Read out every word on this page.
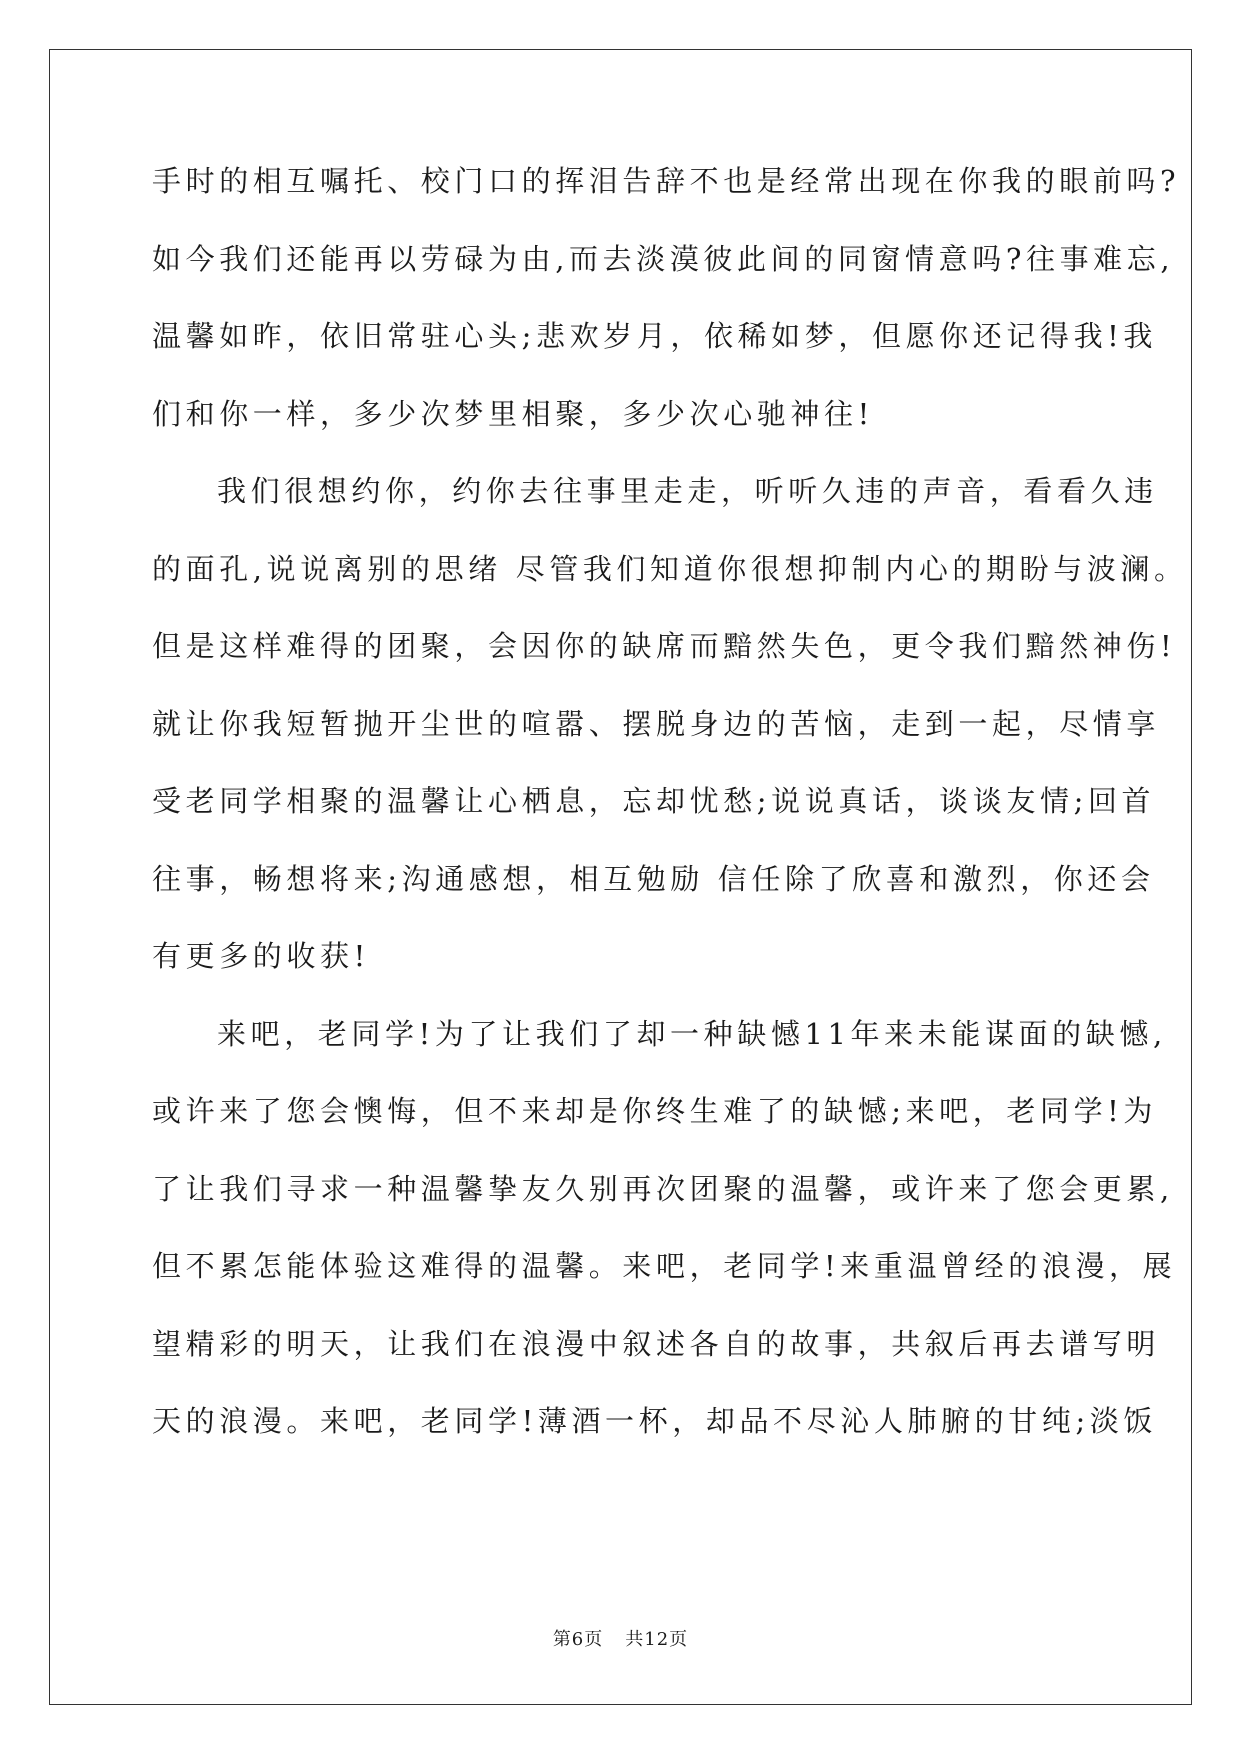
手时的相互嘱托、校门口的挥泪告辞不也是经常出现在你我的眼前吗?
如今我们还能再以劳碌为由,而去淡漠彼此间的同窗情意吗?往事难忘,
温馨如昨，依旧常驻心头;悲欢岁月，依稀如梦，但愿你还记得我!我
们和你一样，多少次梦里相聚，多少次心驰神往!
我们很想约你，约你去往事里走走，听听久违的声音，看看久违
的面孔,说说离别的思绪 尽管我们知道你很想抑制内心的期盼与波澜。
但是这样难得的团聚，会因你的缺席而黯然失色，更令我们黯然神伤!
就让你我短暂抛开尘世的喧嚣、摆脱身边的苦恼，走到一起，尽情享
受老同学相聚的温馨让心栖息，忘却忧愁;说说真话，谈谈友情;回首
往事，畅想将来;沟通感想，相互勉励 信任除了欣喜和激烈，你还会
有更多的收获!
来吧，老同学!为了让我们了却一种缺憾11年来未能谋面的缺憾,
或许来了您会懊悔，但不来却是你终生难了的缺憾;来吧，老同学!为
了让我们寻求一种温馨挚友久别再次团聚的温馨，或许来了您会更累,
但不累怎能体验这难得的温馨。来吧，老同学!来重温曾经的浪漫，展
望精彩的明天，让我们在浪漫中叙述各自的故事，共叙后再去谱写明
天的浪漫。来吧，老同学!薄酒一杯，却品不尽沁人肺腑的甘纯;淡饭
第6页 共12页
